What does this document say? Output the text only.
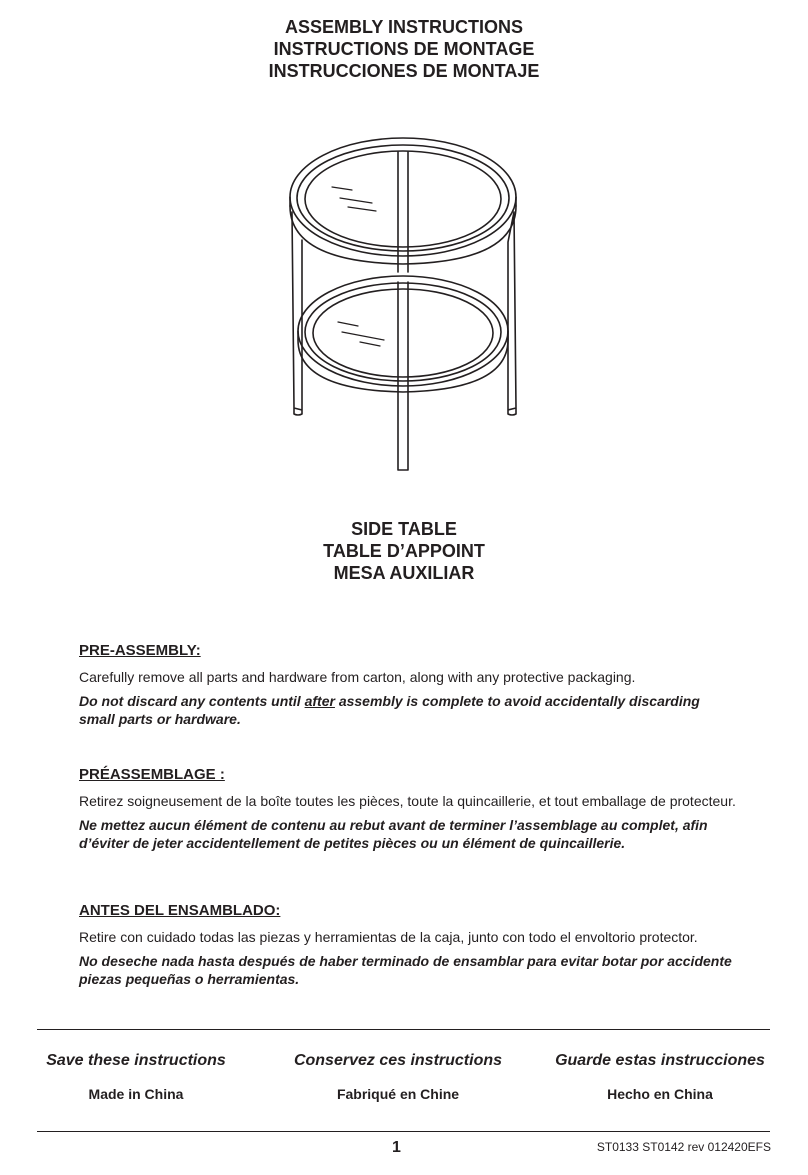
ASSEMBLY INSTRUCTIONS
INSTRUCTIONS DE MONTAGE
INSTRUCCIONES DE MONTAJE
SIDE TABLE
TABLE D’APPOINT
MESA AUXILIAR
PRE-ASSEMBLY:

Carefully remove all parts and hardware from carton, along with any protective packaging.

Do not discard any contents until after assembly is complete to avoid accidentally discarding small parts or hardware.

PRÉASSEMBLAGE :

Retirez soigneusement de la boîte toutes les pièces, toute la quincaillerie, et tout emballage de protecteur.

Ne mettez aucun élément de contenu au rebut avant de terminer l’assemblage au complet, afin d’éviter de jeter accidentellement de petites pièces ou un élément de quincaillerie.

ANTES DEL ENSAMBLADO:

Retire con cuidado todas las piezas y herramientas de la caja, junto con todo el envoltorio protector.

No deseche nada hasta después de haber terminado de ensamblar para evitar botar por accidente piezas pequeñas o herramientas.

Save these instructions	Conservez ces instructions	Guarde estas instrucciones
Made in China	Fabriqué en Chine	Hecho en China
1	ST0133 ST0142 rev 012420EFS
